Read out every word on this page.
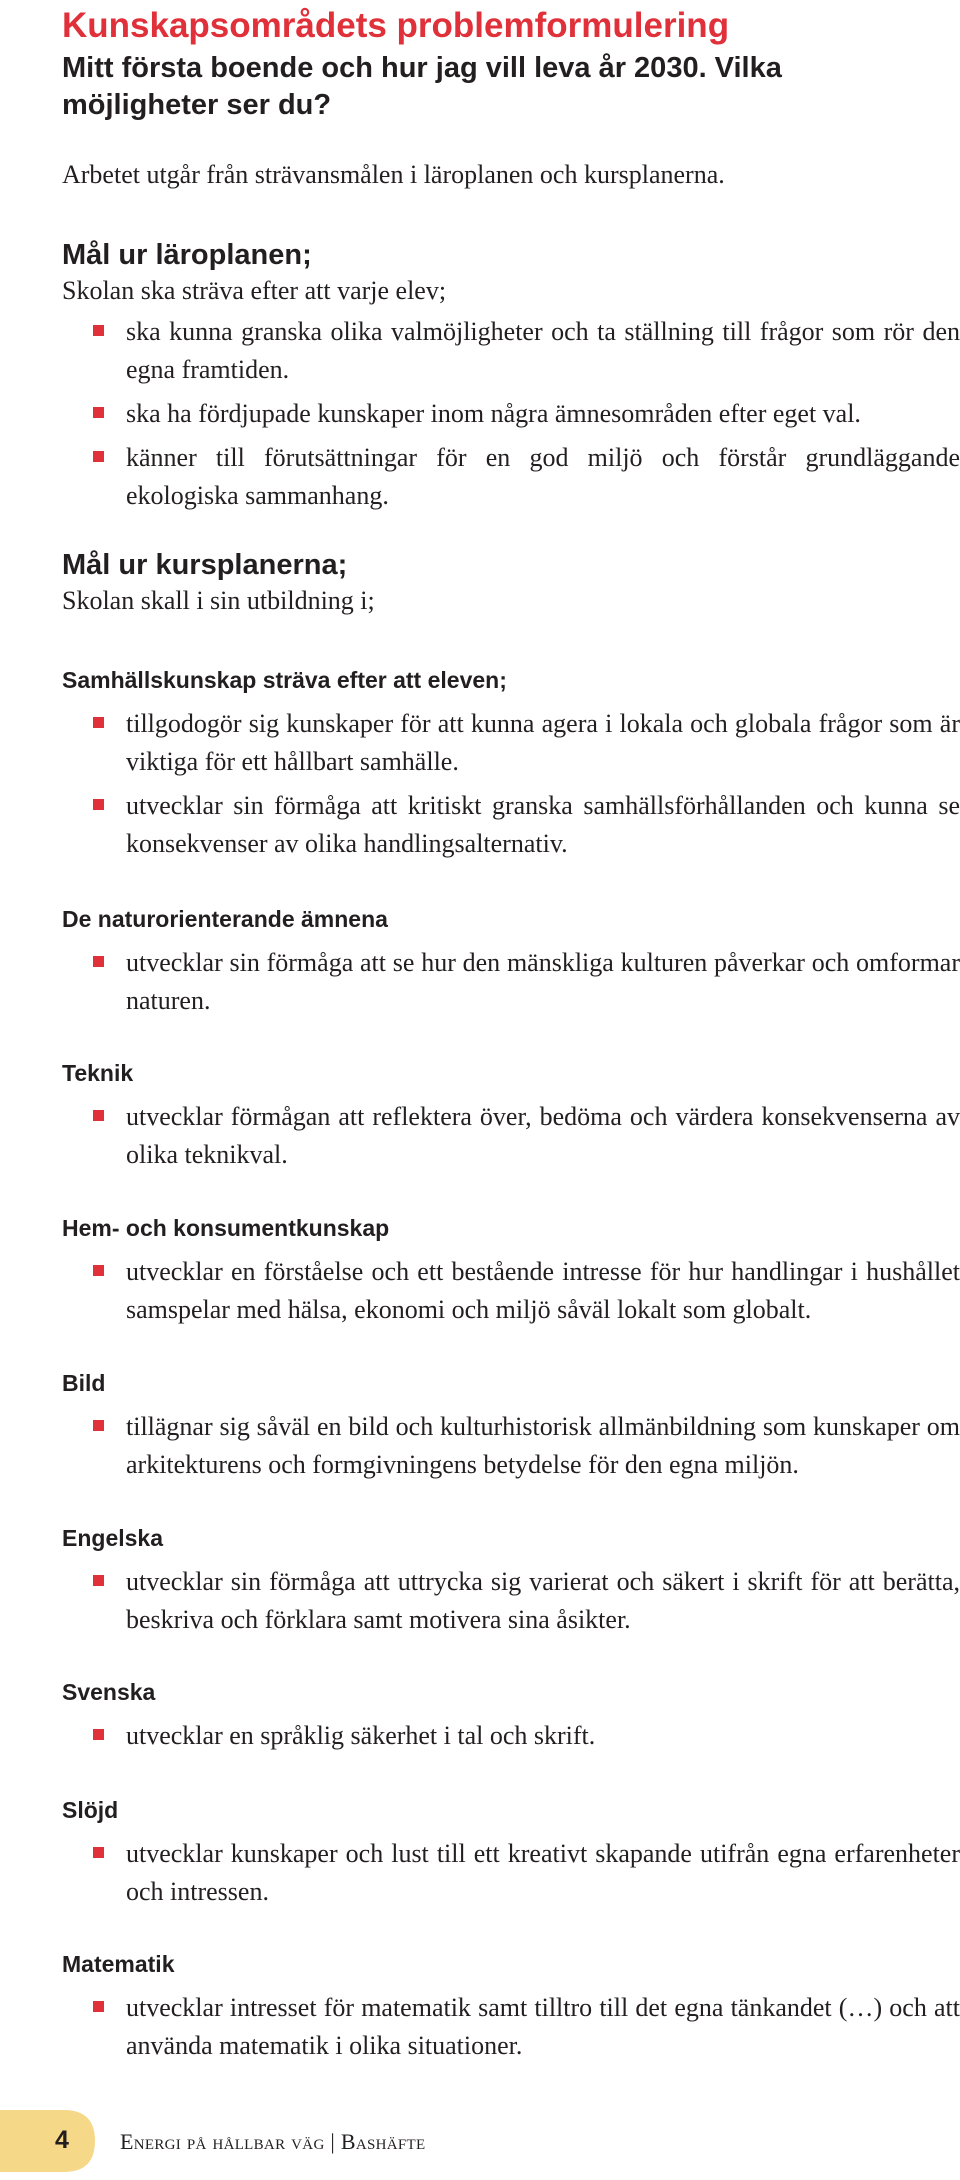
Kunskapsområdets problemformulering
Mitt första boende och hur jag vill leva år 2030. Vilka möjligheter ser du?

Arbetet utgår från strävansmålen i läroplanen och kursplanerna.

Mål ur läroplanen;

Skolan ska sträva efter att varje elev;

ska kunna granska olika valmöjligheter och ta ställning till frågor som rör den egna framtiden.
ska ha fördjupade kunskaper inom några ämnesområden efter eget val.
känner till förutsättningar för en god miljö och förstår grundläggande ekologiska sammanhang.
Mål ur kursplanerna;

Skolan skall i sin utbildning i;

Samhällskunskap sträva efter att eleven;
tillgodogör sig kunskaper för att kunna agera i lokala och globala frågor som är viktiga för ett hållbart samhälle.
utvecklar sin förmåga att kritiskt granska samhällsförhållanden och kunna se konsekvenser av olika handlingsalternativ.
De naturorienterande ämnena
utvecklar sin förmåga att se hur den mänskliga kulturen påverkar och omformar naturen.
Teknik
utvecklar förmågan att reflektera över, bedöma och värdera konsekvenserna av olika teknikval.
Hem- och konsumentkunskap
utvecklar en förståelse och ett bestående intresse för hur handlingar i hushållet samspelar med hälsa, ekonomi och miljö såväl lokalt som globalt.
Bild
tillägnar sig såväl en bild och kulturhistorisk allmänbildning som kunskaper om arkitekturens och formgivningens betydelse för den egna miljön.
Engelska
utvecklar sin förmåga att uttrycka sig varierat och säkert i skrift för att berätta, beskriva och förklara samt motivera sina åsikter.
Svenska
utvecklar en språklig säkerhet i tal och skrift.
Slöjd
utvecklar kunskaper och lust till ett kreativt skapande utifrån egna erfarenheter och intressen.
Matematik
utvecklar intresset för matematik samt tilltro till det egna tänkandet (…) och att använda matematik i olika situationer.
4 Energi på hållbar väg | Bashäfte
